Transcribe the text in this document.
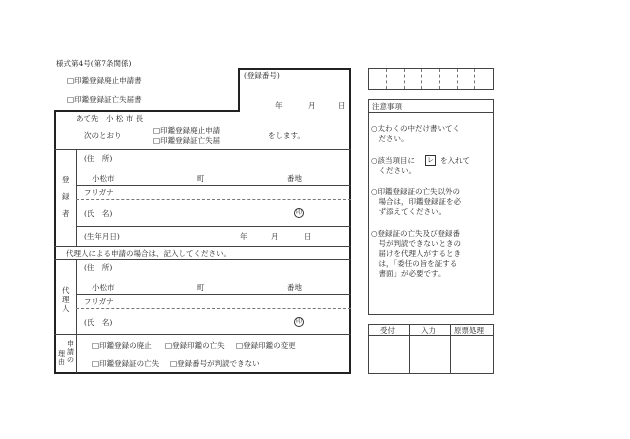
様式第4号(第7条関係)
□印鑑登録廃止申請書
□印鑑登録証亡失届書
(登録番号)
年	月	日
あて先　小 松 市 長
次のとおり
□印鑑登録廃止申請
□印鑑登録証亡失届
をします。
登
録
者
(住　所)
小松市	町	番地
フリガナ
(氏　名)	印
(生年月日)	年	月	日
代理人による申請の場合は、記入してください。
代
理
人
(住　所)
小松市	町	番地
フリガナ
(氏　名)	印
理由
申請の
□印鑑登録の廃止 □登録印鑑の亡失 □登録印鑑の変更
□印鑑登録証の亡失 □登録番号が判読できない
注意事項
○太わくの中だけ書いてく
　ださい。
○該当項目に レ を入れて
　ください。
○印鑑登録証の亡失以外の
　場合は，印鑑登録証を必
　ず添えてください。
○登録証の亡失及び登録番
　号が判読できないときの
　届けを代理人がするとき
　は，「委任の旨を証する
　書面」が必要です。
受付	入力 原票処理
